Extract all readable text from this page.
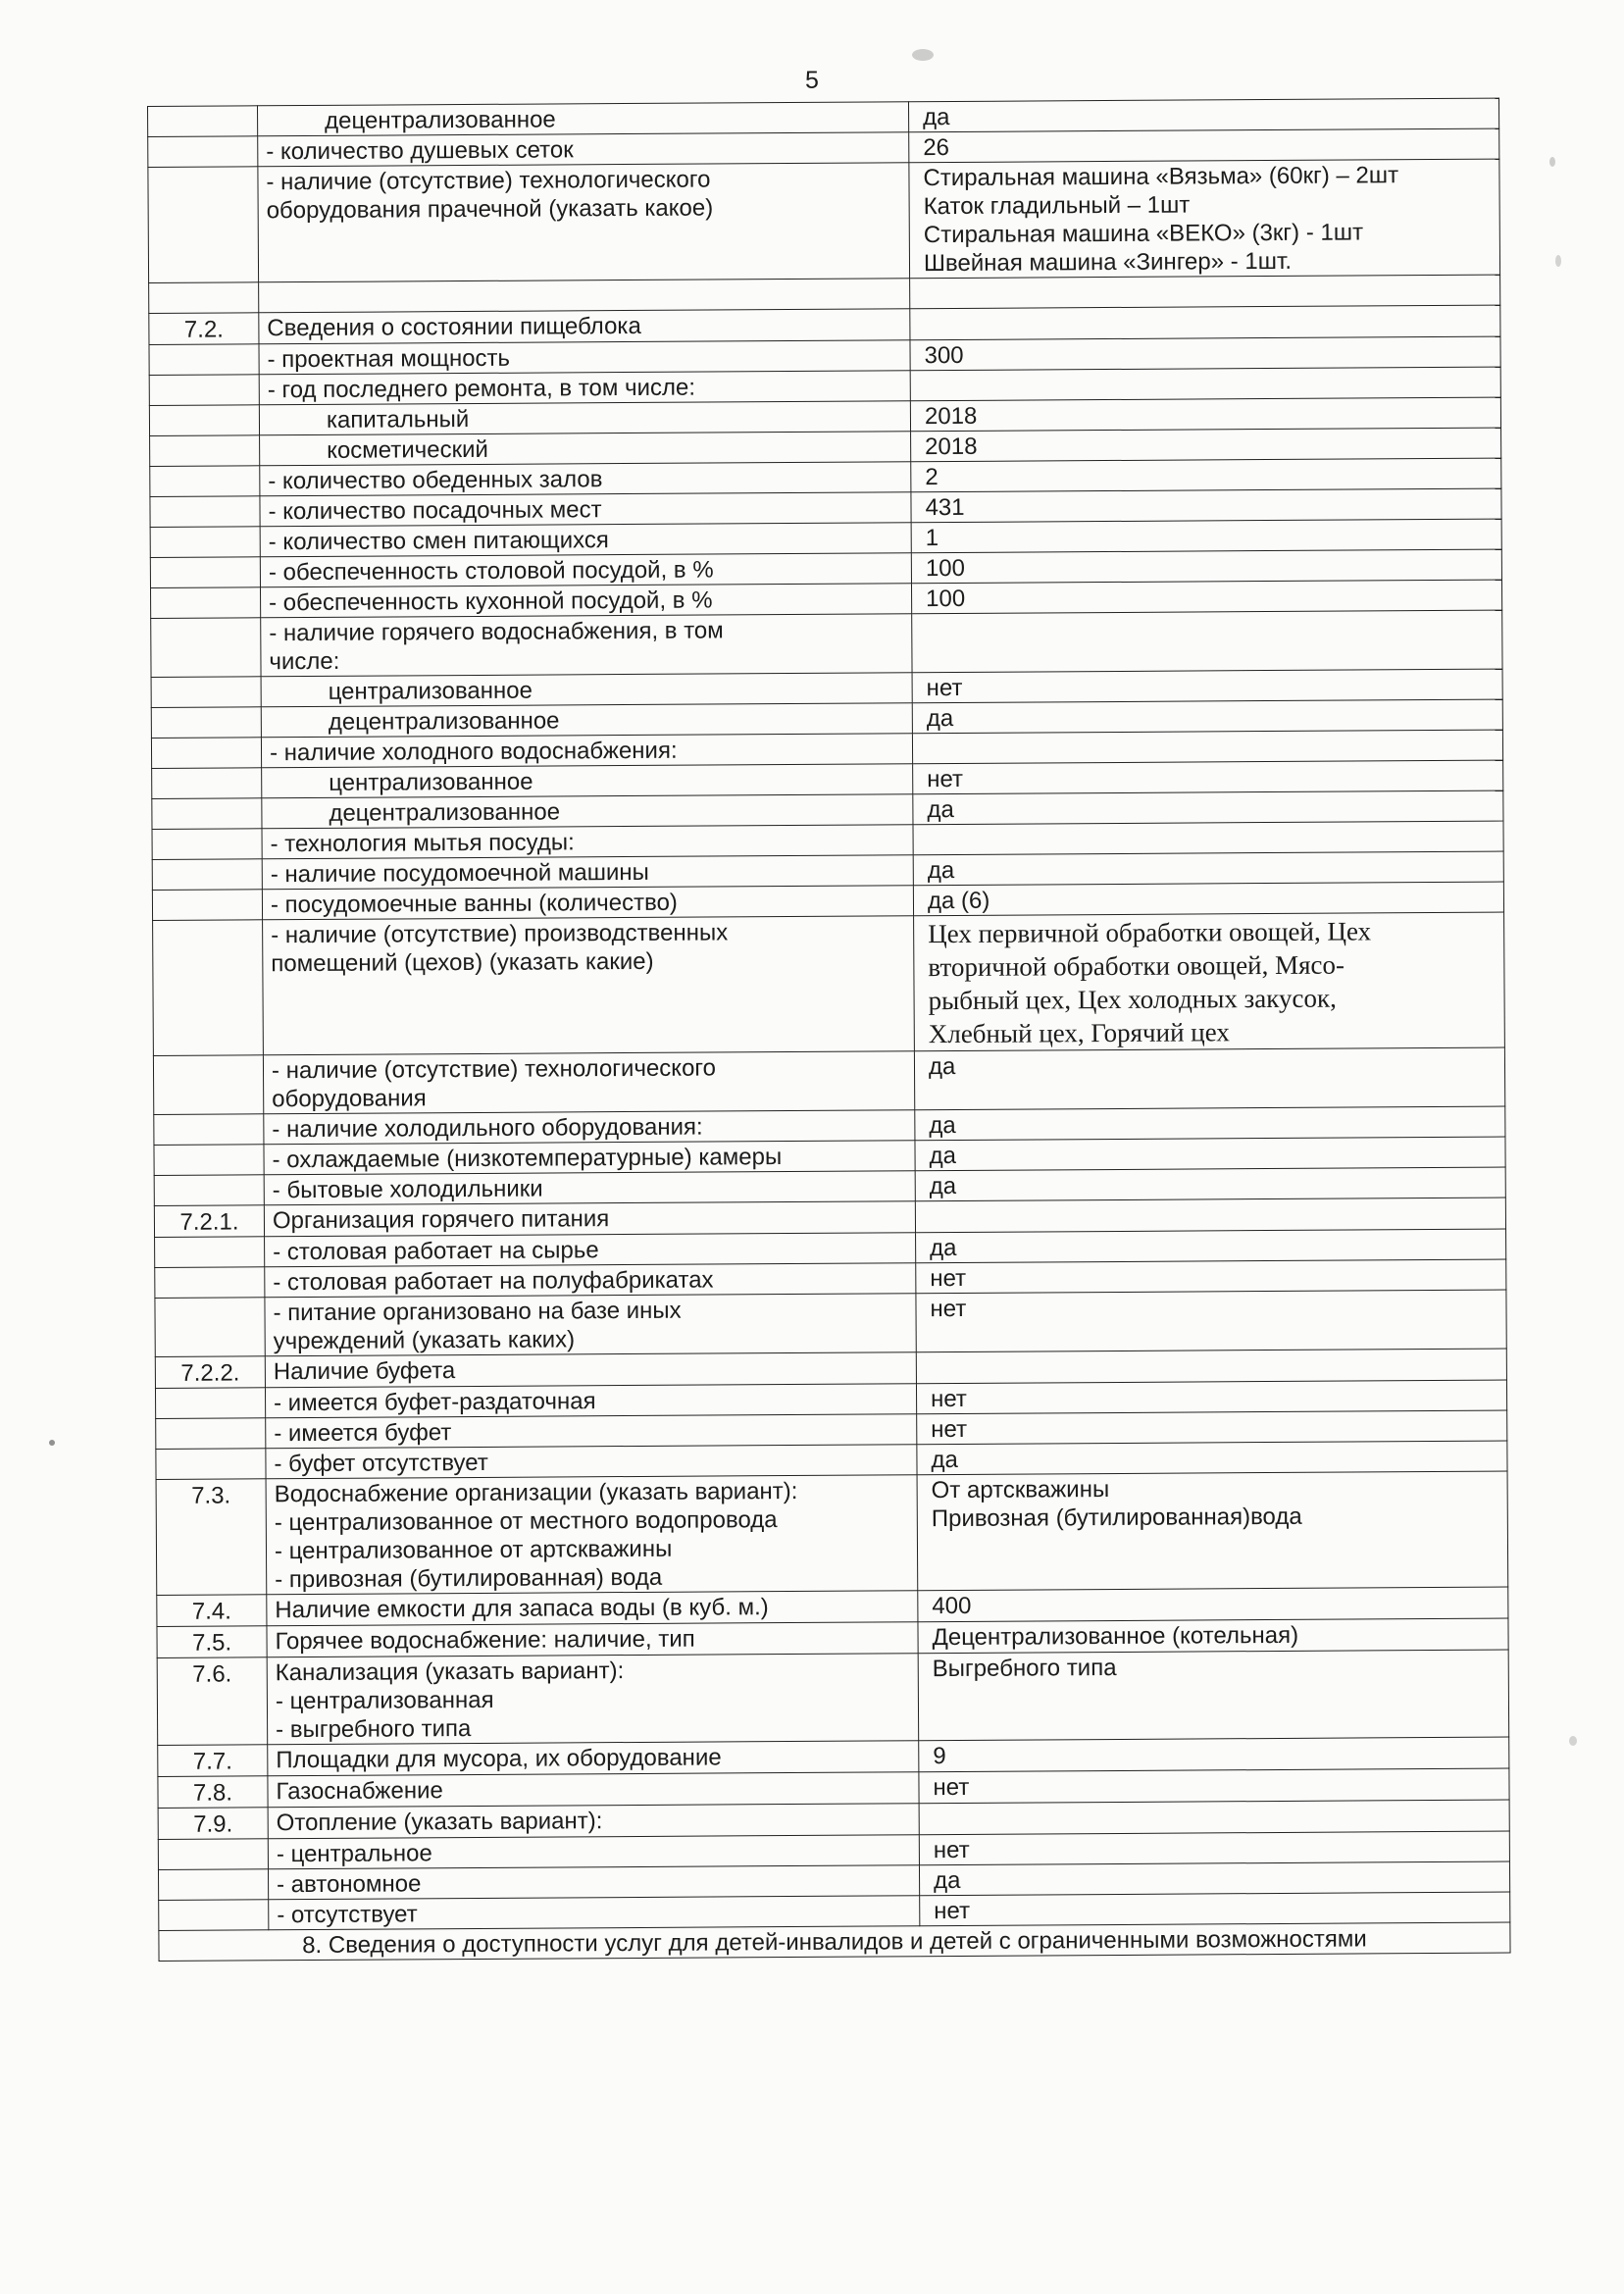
5

	децентрализованное	да

	- количество душевых сеток	26

	- наличие (отсутствие) технологического
оборудования прачечной (указать какое)	Стиральная машина «Вязьма» (60кг) – 2шт
Каток гладильный – 1шт
Стиральная машина «ВЕКО» (3кг) - 1шт
Швейная машина «Зингер» - 1шт.

7.2.	Сведения о состоянии пищеблока	

	- проектная мощность	300

	- год последнего ремонта, в том числе:	

	капитальный	2018

	косметический	2018

	- количество обеденных залов	2

	- количество посадочных мест	431

	- количество смен питающихся	1

	- обеспеченность столовой посудой, в %	100

	- обеспеченность кухонной посудой, в %	100

	- наличие горячего водоснабжения, в том
числе:	

	централизованное	нет

	децентрализованное	да

	- наличие холодного водоснабжения:	

	централизованное	нет

	децентрализованное	да

	- технология мытья посуды:	

	- наличие посудомоечной машины	да

	- посудомоечные ванны (количество)	да (6)

	- наличие (отсутствие) производственных
помещений (цехов) (указать какие)	Цех первичной обработки овощей, Цех
вторичной обработки овощей, Мясо-
рыбный цех, Цех холодных закусок,
Хлебный цех, Горячий цех

	- наличие (отсутствие) технологического
оборудования	да

	- наличие холодильного оборудования:	да

	- охлаждаемые (низкотемпературные) камеры	да

	- бытовые холодильники	да

7.2.1.	Организация горячего питания	

	- столовая работает на сырье	да

	- столовая работает на полуфабрикатах	нет

	- питание организовано на базе иных
учреждений (указать каких)	нет

7.2.2.	Наличие буфета	

	- имеется буфет-раздаточная	нет

	- имеется буфет	нет

	- буфет отсутствует	да

7.3.	Водоснабжение организации (указать вариант):
- централизованное от местного водопровода
- централизованное от артскважины
- привозная (бутилированная) вода	От артскважины
Привозная (бутилированная)вода

7.4.	Наличие емкости для запаса воды (в куб. м.)	400

7.5.	Горячее водоснабжение: наличие, тип	Децентрализованное (котельная)

7.6.	Канализация (указать вариант):
- централизованная
- выгребного типа	Выгребного типа

7.7.	Площадки для мусора, их оборудование	9

7.8.	Газоснабжение	нет

7.9.	Отопление (указать вариант):	

	- центральное	нет

	- автономное	да

	- отсутствует	нет

8. Сведения о доступности услуг для детей-инвалидов и детей с ограниченными возможностями		
